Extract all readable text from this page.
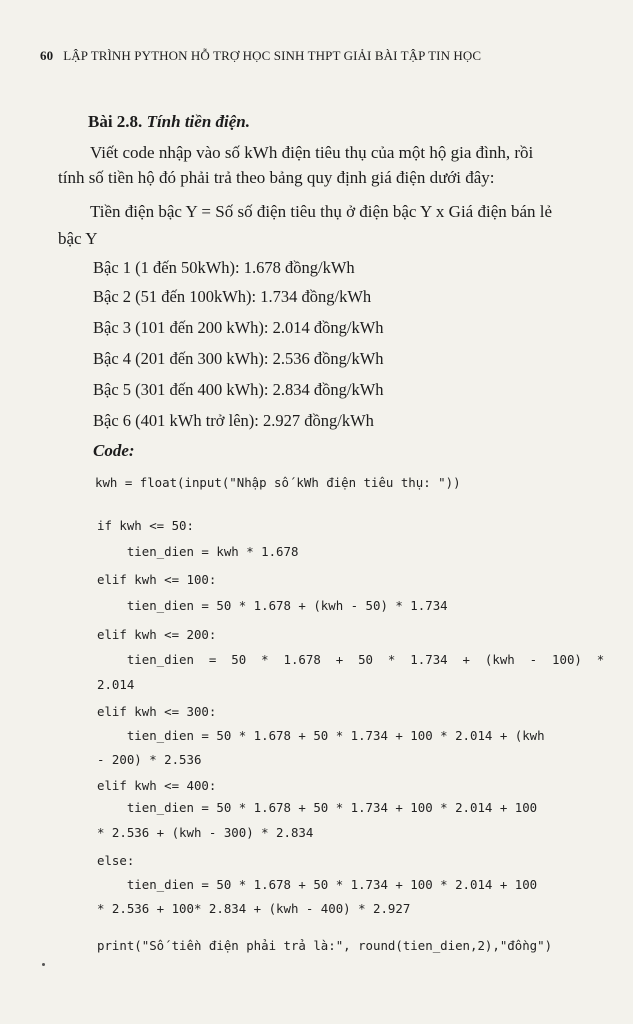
60 LẬP TRÌNH PYTHON HỖ TRỢ HỌC SINH THPT GIẢI BÀI TẬP TIN HỌC
Bài 2.8. Tính tiền điện.
Viết code nhập vào số kWh điện tiêu thụ của một hộ gia đình, rồi
tính số tiền hộ đó phải trả theo bảng quy định giá điện dưới đây:
Tiền điện bậc Y = Số số điện tiêu thụ ở điện bậc Y x Giá điện bán lẻ
bậc Y
Bậc 1 (1 đến 50kWh): 1.678 đồng/kWh
Bậc 2 (51 đến 100kWh): 1.734 đồng/kWh
Bậc 3 (101 đến 200 kWh): 2.014 đồng/kWh
Bậc 4 (201 đến 300 kWh): 2.536 đồng/kWh
Bậc 5 (301 đến 400 kWh): 2.834 đồng/kWh
Bậc 6 (401 kWh trở lên): 2.927 đồng/kWh
Code:
kwh = float(input("Nhập số kWh điện tiêu thụ: "))
if kwh <= 50:
tien_dien = kwh * 1.678
elif kwh <= 100:
tien_dien = 50 * 1.678 + (kwh - 50) * 1.734
elif kwh <= 200:
tien_dien  =  50  *  1.678  +  50  *  1.734  +  (kwh  -  100)  *
2.014
elif kwh <= 300:
tien_dien = 50 * 1.678 + 50 * 1.734 + 100 * 2.014 + (kwh
- 200) * 2.536
elif kwh <= 400:
tien_dien = 50 * 1.678 + 50 * 1.734 + 100 * 2.014 + 100
* 2.536 + (kwh - 300) * 2.834
else:
tien_dien = 50 * 1.678 + 50 * 1.734 + 100 * 2.014 + 100
* 2.536 + 100* 2.834 + (kwh - 400) * 2.927
print("Số tiền điện phải trả là:", round(tien_dien,2),"đồng")
